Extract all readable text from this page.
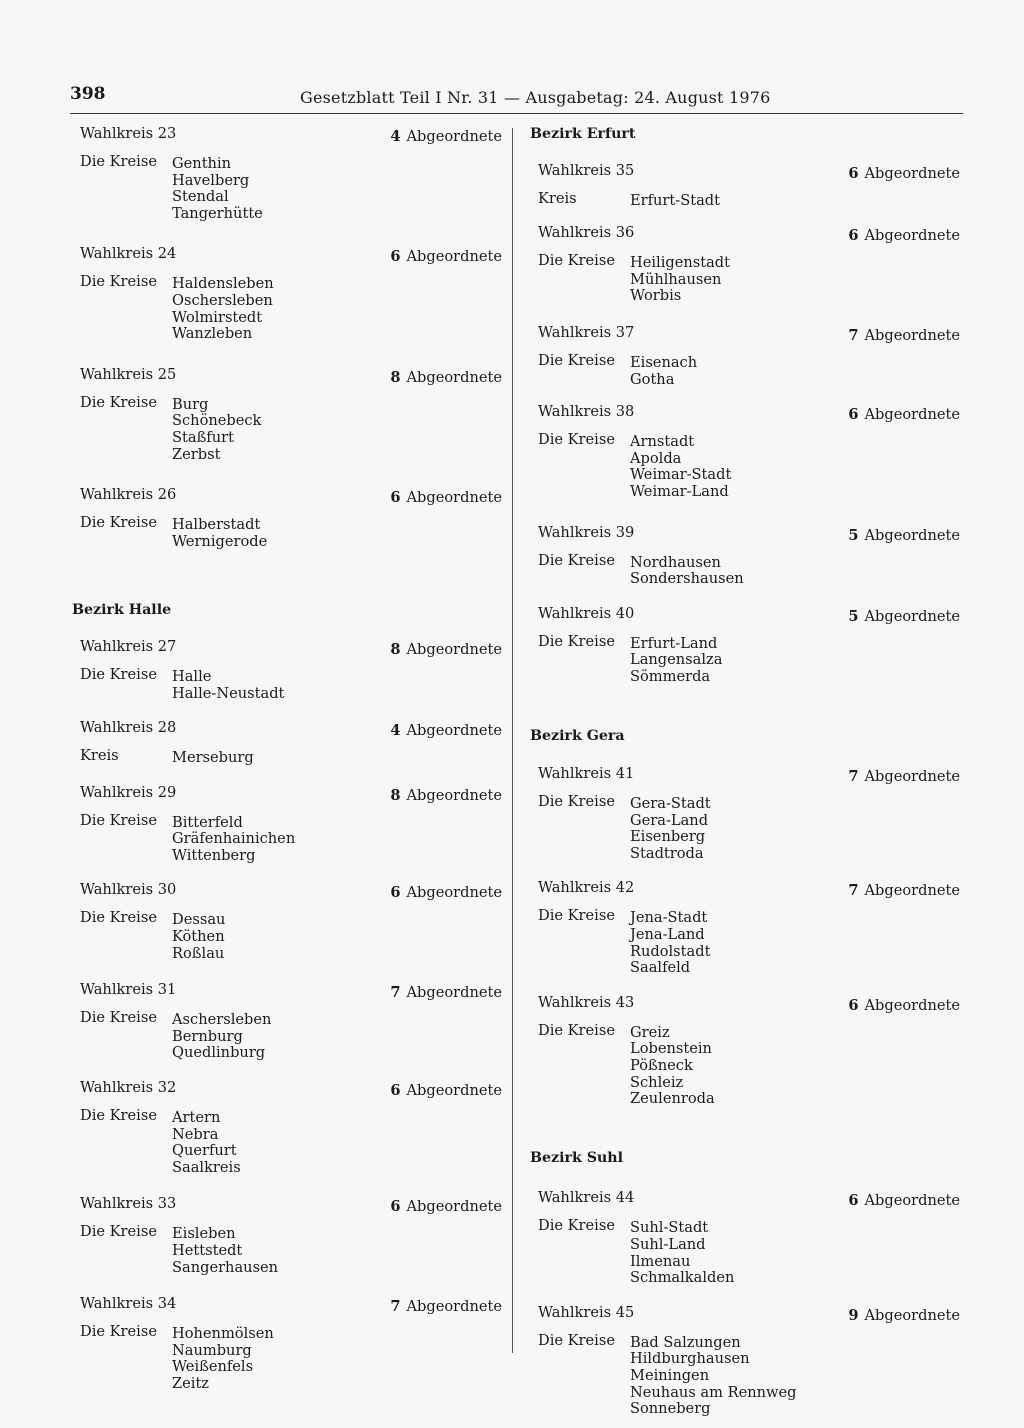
398	Gesetzblatt Teil I Nr. 31 — Ausgabetag: 24. August 1976
Wahlkreis 23	4 Abgeordnete
Die Kreise	Genthin
Havelberg
Stendal
Tangerhütte
Wahlkreis 24	6 Abgeordnete
Die Kreise	Haldensleben
Oschersleben
Wolmirstedt
Wanzleben
Wahlkreis 25	8 Abgeordnete
Die Kreise	Burg
Schönebeck
Staßfurt
Zerbst
Wahlkreis 26	6 Abgeordnete
Die Kreise	Halberstadt
Wernigerode
Bezirk Halle
Wahlkreis 27	8 Abgeordnete
Die Kreise	Halle
Halle-Neustadt
Wahlkreis 28	4 Abgeordnete
Kreis	Merseburg
Wahlkreis 29	8 Abgeordnete
Die Kreise	Bitterfeld
Gräfenhainichen
Wittenberg
Wahlkreis 30	6 Abgeordnete
Die Kreise	Dessau
Köthen
Roßlau
Wahlkreis 31	7 Abgeordnete
Die Kreise	Aschersleben
Bernburg
Quedlinburg
Wahlkreis 32	6 Abgeordnete
Die Kreise	Artern
Nebra
Querfurt
Saalkreis
Wahlkreis 33	6 Abgeordnete
Die Kreise	Eisleben
Hettstedt
Sangerhausen
Wahlkreis 34	7 Abgeordnete
Die Kreise	Hohenmölsen
Naumburg
Weißenfels
Zeitz
Bezirk Erfurt
Wahlkreis 35	6 Abgeordnete
Kreis	Erfurt-Stadt
Wahlkreis 36	6 Abgeordnete
Die Kreise	Heiligenstadt
Mühlhausen
Worbis
Wahlkreis 37	7 Abgeordnete
Die Kreise	Eisenach
Gotha
Wahlkreis 38	6 Abgeordnete
Die Kreise	Arnstadt
Apolda
Weimar-Stadt
Weimar-Land
Wahlkreis 39	5 Abgeordnete
Die Kreise	Nordhausen
Sondershausen
Wahlkreis 40	5 Abgeordnete
Die Kreise	Erfurt-Land
Langensalza
Sömmerda
Bezirk Gera
Wahlkreis 41	7 Abgeordnete
Die Kreise	Gera-Stadt
Gera-Land
Eisenberg
Stadtroda
Wahlkreis 42	7 Abgeordnete
Die Kreise	Jena-Stadt
Jena-Land
Rudolstadt
Saalfeld
Wahlkreis 43	6 Abgeordnete
Die Kreise	Greiz
Lobenstein
Pößneck
Schleiz
Zeulenroda
Bezirk Suhl
Wahlkreis 44	6 Abgeordnete
Die Kreise	Suhl-Stadt
Suhl-Land
Ilmenau
Schmalkalden
Wahlkreis 45	9 Abgeordnete
Die Kreise	Bad Salzungen
Hildburghausen
Meiningen
Neuhaus am Rennweg
Sonneberg
